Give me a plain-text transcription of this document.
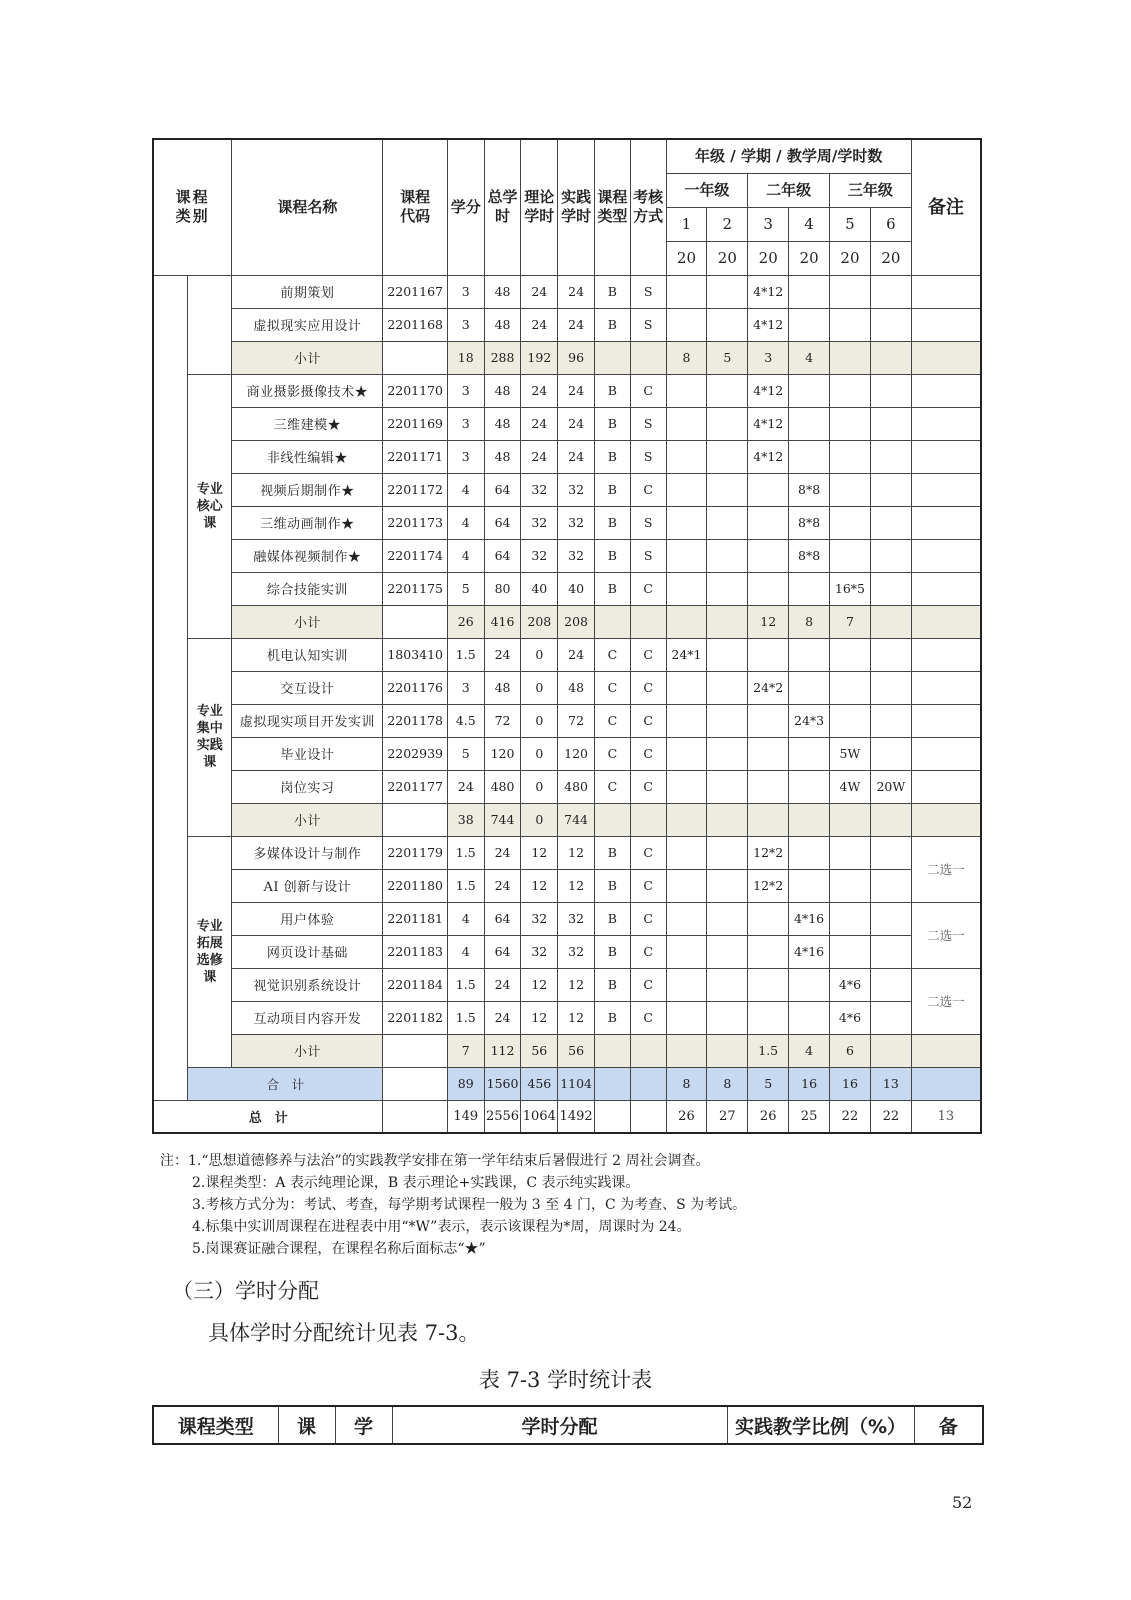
课程类别		课程名称	课程代码	学分	总学时	理论学时	实践学时	课程类型	考核方式	年级 / 学期 / 教学周/学时数						备注
										一年级		二年级		三年级		
										1	2	3	4	5	6	
										20	20	20	20	20	20	
		前期策划	2201167	3	48	24	24	B	S			4*12				
		虚拟现实应用设计	2201168	3	48	24	24	B	S			4*12				
		小计		18	288	192	96			8	5	3	4			
	专业核心课	商业摄影摄像技术★	2201170	3	48	24	24	B	C			4*12				
		三维建模★	2201169	3	48	24	24	B	S			4*12				
		非线性编辑★	2201171	3	48	24	24	B	S			4*12				
		视频后期制作★	2201172	4	64	32	32	B	C				8*8			
		三维动画制作★	2201173	4	64	32	32	B	S				8*8			
		融媒体视频制作★	2201174	4	64	32	32	B	S				8*8			
		综合技能实训	2201175	5	80	40	40	B	C					16*5		
		小计		26	416	208	208					12	8	7		
	专业集中实践课	机电认知实训	1803410	1.5	24	0	24	C	C	24*1						
		交互设计	2201176	3	48	0	48	C	C			24*2				
		虚拟现实项目开发实训	2201178	4.5	72	0	72	C	C				24*3			
		毕业设计	2202939	5	120	0	120	C	C					5W		
		岗位实习	2201177	24	480	0	480	C	C					4W	20W	
		小计		38	744	0	744									
	专业拓展选修课	多媒体设计与制作	2201179	1.5	24	12	12	B	C			12*2				二选一
		AI 创新与设计	2201180	1.5	24	12	12	B	C			12*2				
		用户体验	2201181	4	64	32	32	B	C				4*16			二选一
		网页设计基础	2201183	4	64	32	32	B	C				4*16			
		视觉识别系统设计	2201184	1.5	24	12	12	B	C					4*6		二选一
		互动项目内容开发	2201182	1.5	24	12	12	B	C					4*6		
		小计		7	112	56	56					1.5	4	6		
	合　计			89	1560	456	1104			8	8	5	16	16	13	
总　计				149	2556	1064	1492			26	27	26	25	22	22	13
注：1.“思想道德修养与法治”的实践教学安排在第一学年结束后暑假进行 2 周社会调查。
2.课程类型：A 表示纯理论课，B 表示理论+实践课，C 表示纯实践课。
3.考核方式分为：考试、考查，每学期考试课程一般为 3 至 4 门，C 为考查、S 为考试。
4.标集中实训周课程在进程表中用“*W”表示，表示该课程为*周，周课时为 24。
5.岗课赛证融合课程，在课程名称后面标志“★”
（三）学时分配
具体学时分配统计见表 7-3。
表 7-3 学时统计表
课程类型	课	学	学时分配	实践教学比例（%）	备
52
